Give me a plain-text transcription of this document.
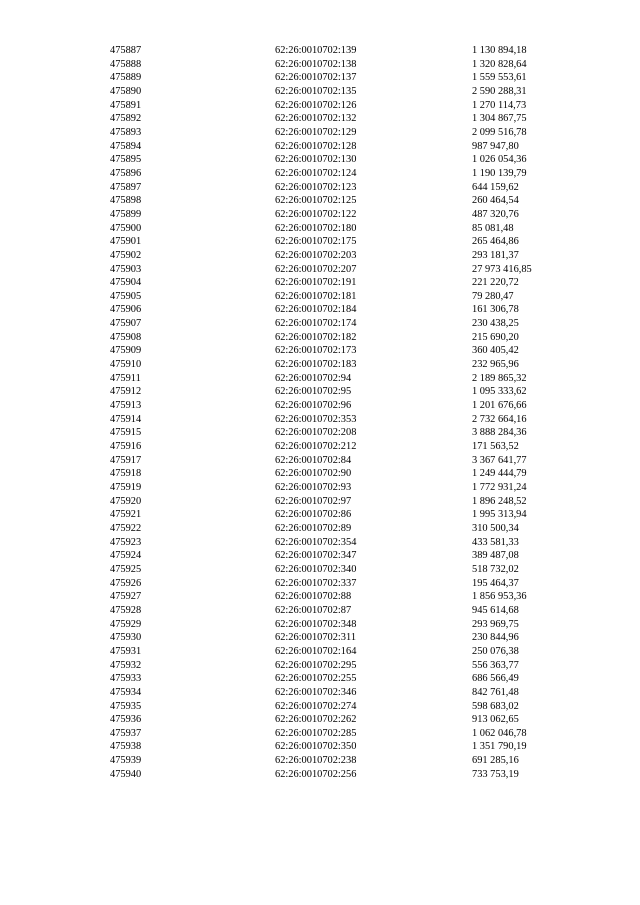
475887	62:26:0010702:139	1 130 894,18
475888	62:26:0010702:138	1 320 828,64
475889	62:26:0010702:137	1 559 553,61
475890	62:26:0010702:135	2 590 288,31
475891	62:26:0010702:126	1 270 114,73
475892	62:26:0010702:132	1 304 867,75
475893	62:26:0010702:129	2 099 516,78
475894	62:26:0010702:128	987 947,80
475895	62:26:0010702:130	1 026 054,36
475896	62:26:0010702:124	1 190 139,79
475897	62:26:0010702:123	644 159,62
475898	62:26:0010702:125	260 464,54
475899	62:26:0010702:122	487 320,76
475900	62:26:0010702:180	85 081,48
475901	62:26:0010702:175	265 464,86
475902	62:26:0010702:203	293 181,37
475903	62:26:0010702:207	27 973 416,85
475904	62:26:0010702:191	221 220,72
475905	62:26:0010702:181	79 280,47
475906	62:26:0010702:184	161 306,78
475907	62:26:0010702:174	230 438,25
475908	62:26:0010702:182	215 690,20
475909	62:26:0010702:173	360 405,42
475910	62:26:0010702:183	232 965,96
475911	62:26:0010702:94	2 189 865,32
475912	62:26:0010702:95	1 095 333,62
475913	62:26:0010702:96	1 201 676,66
475914	62:26:0010702:353	2 732 664,16
475915	62:26:0010702:208	3 888 284,36
475916	62:26:0010702:212	171 563,52
475917	62:26:0010702:84	3 367 641,77
475918	62:26:0010702:90	1 249 444,79
475919	62:26:0010702:93	1 772 931,24
475920	62:26:0010702:97	1 896 248,52
475921	62:26:0010702:86	1 995 313,94
475922	62:26:0010702:89	310 500,34
475923	62:26:0010702:354	433 581,33
475924	62:26:0010702:347	389 487,08
475925	62:26:0010702:340	518 732,02
475926	62:26:0010702:337	195 464,37
475927	62:26:0010702:88	1 856 953,36
475928	62:26:0010702:87	945 614,68
475929	62:26:0010702:348	293 969,75
475930	62:26:0010702:311	230 844,96
475931	62:26:0010702:164	250 076,38
475932	62:26:0010702:295	556 363,77
475933	62:26:0010702:255	686 566,49
475934	62:26:0010702:346	842 761,48
475935	62:26:0010702:274	598 683,02
475936	62:26:0010702:262	913 062,65
475937	62:26:0010702:285	1 062 046,78
475938	62:26:0010702:350	1 351 790,19
475939	62:26:0010702:238	691 285,16
475940	62:26:0010702:256	733 753,19
